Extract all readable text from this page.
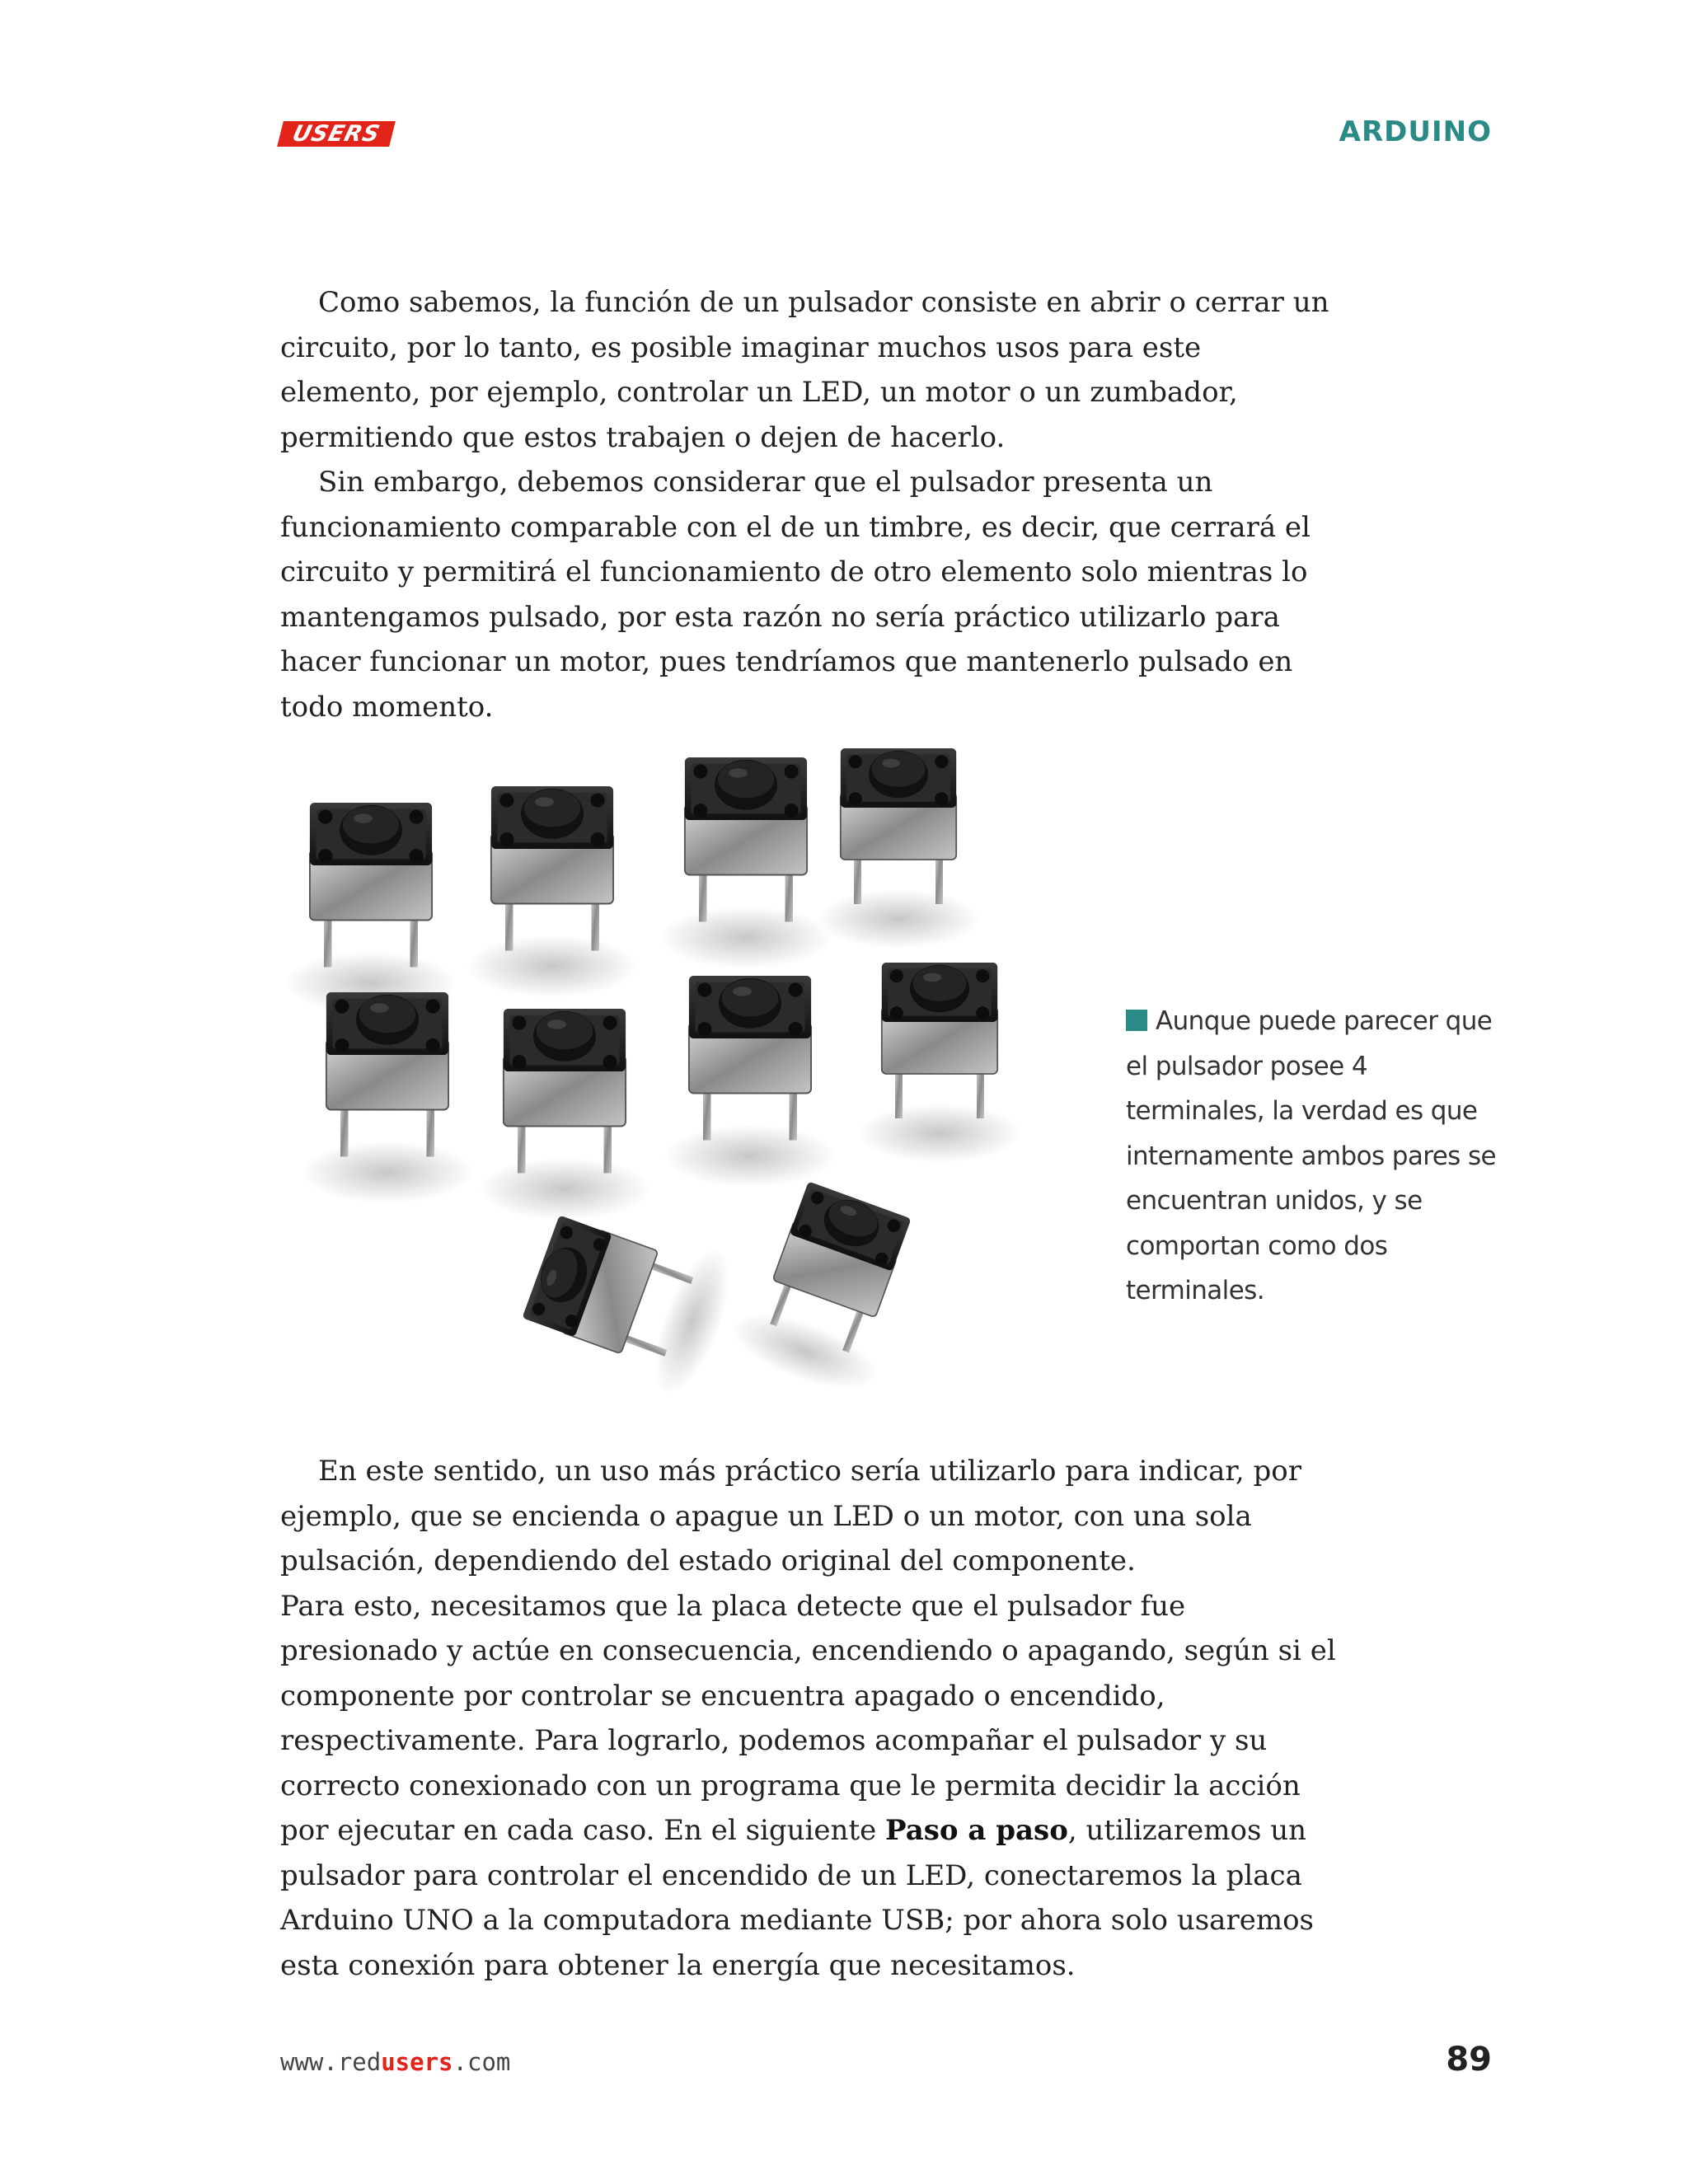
USERS	ARDUINO

Como sabemos, la función de un pulsador consiste en abrir o cerrar un circuito, por lo tanto, es posible imaginar muchos usos para este elemento, por ejemplo, controlar un LED, un motor o un zumbador, permitiendo que estos trabajen o dejen de hacerlo.

Sin embargo, debemos considerar que el pulsador presenta un funcionamiento comparable con el de un timbre, es decir, que cerrará el circuito y permitirá el funcionamiento de otro elemento solo mientras lo mantengamos pulsado, por esta razón no sería práctico utilizarlo para hacer funcionar un motor, pues tendríamos que mantenerlo pulsado en todo momento.

Aunque puede parecer que el pulsador posee 4 terminales, la verdad es que internamente ambos pares se encuentran unidos, y se comportan como dos terminales.

En este sentido, un uso más práctico sería utilizarlo para indicar, por ejemplo, que se encienda o apague un LED o un motor, con una sola pulsación, dependiendo del estado original del componente.

Para esto, necesitamos que la placa detecte que el pulsador fue presionado y actúe en consecuencia, encendiendo o apagando, según si el componente por controlar se encuentra apagado o encendido, respectivamente. Para lograrlo, podemos acompañar el pulsador y su correcto conexionado con un programa que le permita decidir la acción por ejecutar en cada caso. En el siguiente Paso a paso, utilizaremos un pulsador para controlar el encendido de un LED, conectaremos la placa Arduino UNO a la computadora mediante USB; por ahora solo usaremos esta conexión para obtener la energía que necesitamos.

www.redusers.com	89
